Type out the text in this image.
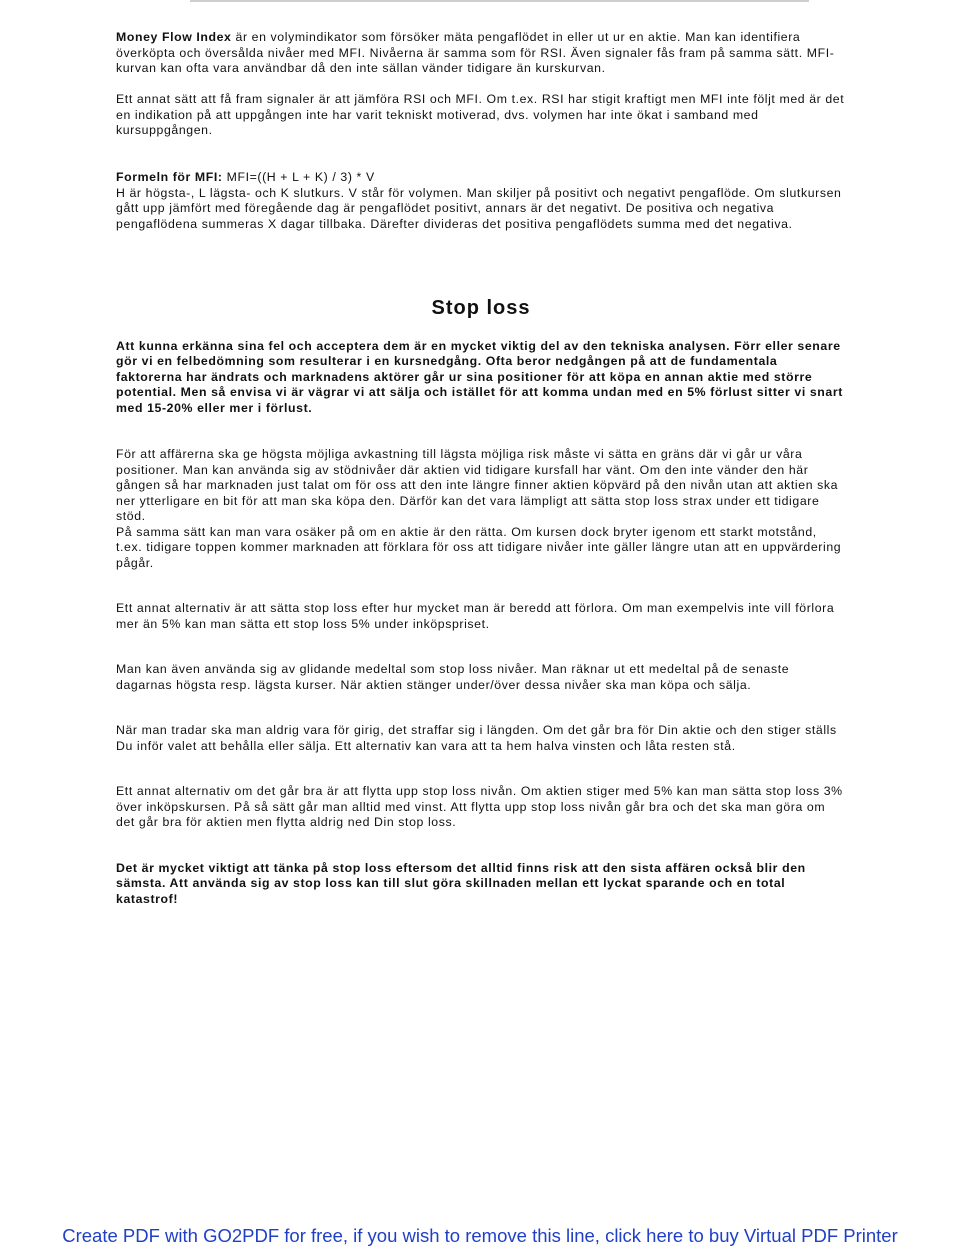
Money Flow Index är en volymindikator som försöker mäta pengaflödet in eller ut ur en aktie. Man kan identifiera överköpta och översålda nivåer med MFI. Nivåerna är samma som för RSI. Även signaler fås fram på samma sätt. MFI-kurvan kan ofta vara användbar då den inte sällan vänder tidigare än kurskurvan.

Ett annat sätt att få fram signaler är att jämföra RSI och MFI. Om t.ex. RSI har stigit kraftigt men MFI inte följt med är det en indikation på att uppgången inte har varit tekniskt motiverad, dvs. volymen har inte ökat i samband med kursuppgången.

Formeln för MFI: MFI=((H + L + K) / 3) * V

H är högsta-, L lägsta- och K slutkurs. V står för volymen. Man skiljer på positivt och negativt pengaflöde. Om slutkursen gått upp jämfört med föregående dag är pengaflödet positivt, annars är det negativt. De positiva och negativa pengaflödena summeras X dagar tillbaka. Därefter divideras det positiva pengaflödets summa med det negativa.

Stop loss

Att kunna erkänna sina fel och acceptera dem är en mycket viktig del av den tekniska analysen. Förr eller senare gör vi en felbedömning som resulterar i en kursnedgång. Ofta beror nedgången på att de fundamentala faktorerna har ändrats och marknadens aktörer går ur sina positioner för att köpa en annan aktie med större potential. Men så envisa vi är vägrar vi att sälja och istället för att komma undan med en 5% förlust sitter vi snart med 15-20% eller mer i förlust.

För att affärerna ska ge högsta möjliga avkastning till lägsta möjliga risk måste vi sätta en gräns där vi går ur våra positioner. Man kan använda sig av stödnivåer där aktien vid tidigare kursfall har vänt. Om den inte vänder den här gången så har marknaden just talat om för oss att den inte längre finner aktien köpvärd på den nivån utan att aktien ska ner ytterligare en bit för att man ska köpa den. Därför kan det vara lämpligt att sätta stop loss strax under ett tidigare stöd.

På samma sätt kan man vara osäker på om en aktie är den rätta. Om kursen dock bryter igenom ett starkt motstånd, t.ex. tidigare toppen kommer marknaden att förklara för oss att tidigare nivåer inte gäller längre utan att en uppvärdering pågår.

Ett annat alternativ är att sätta stop loss efter hur mycket man är beredd att förlora. Om man exempelvis inte vill förlora mer än 5% kan man sätta ett stop loss 5% under inköpspriset.

Man kan även använda sig av glidande medeltal som stop loss nivåer. Man räknar ut ett medeltal på de senaste dagarnas högsta resp. lägsta kurser. När aktien stänger under/över dessa nivåer ska man köpa och sälja.

När man tradar ska man aldrig vara för girig, det straffar sig i längden. Om det går bra för Din aktie och den stiger ställs Du inför valet att behålla eller sälja. Ett alternativ kan vara att ta hem halva vinsten och låta resten stå.

Ett annat alternativ om det går bra är att flytta upp stop loss nivån. Om aktien stiger med 5% kan man sätta stop loss 3% över inköpskursen. På så sätt går man alltid med vinst. Att flytta upp stop loss nivån går bra och det ska man göra om det går bra för aktien men flytta aldrig ned Din stop loss.

Det är mycket viktigt att tänka på stop loss eftersom det alltid finns risk att den sista affären också blir den sämsta. Att använda sig av stop loss kan till slut göra skillnaden mellan ett lyckat sparande och en total katastrof!

Create PDF with GO2PDF for free, if you wish to remove this line, click here to buy Virtual PDF Printer
